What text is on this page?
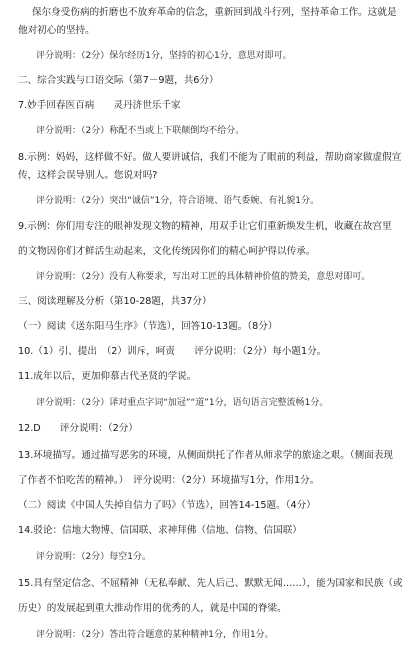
保尔身受伤病的折磨也不放弃革命的信念，重新回到战斗行列，坚持革命工作。这就是
他对初心的坚持。
评分说明：（2分）保尔经历1分，坚持的初心1分，意思对即可。
二、综合实践与口语交际（第7－9题，共6分）
7.妙手回春医百病　　灵丹济世乐千家
评分说明：（2分）称配不当或上下联颠倒均不给分。
8.示例：妈妈，这样做不好。做人要讲诚信，我们不能为了眼前的利益，帮助商家做虚假宣
传，这样会误导别人。您说对吗?
评分说明：（2分）突出“诚信”1分，符合语境、语气委婉、有礼貌1分。
9.示例：你们用专注的眼神发现文物的精神，用双手让它们重新焕发生机，收藏在故宫里
的文物因你们才鲜活生动起来，文化传统因你们的精心呵护得以传承。
评分说明：（2分）没有人称要求，写出对工匠的具体精神价值的赞美，意思对即可。
三、阅读理解及分析（第10-28题，共37分）
（一）阅读《送东阳马生序》（节选），回答10-13题。（8分）
10.（1）引、提出　（2）训斥，呵责　　评分说明：（2分）每小题1分。
11.成年以后，更加仰慕古代圣贤的学说。
评分说明：（2分）译对重点字词“加冠”“道”1分，语句语言完整流畅1分。
12.D　　评分说明：（2分）
13.环境描写。通过描写恶劣的环境，从侧面烘托了作者从师求学的旅途之艰。（侧面表现
了作者不怕吃苦的精神。）　评分说明：（2分）环境描写1分，作用1分。
（二）阅读《中国人失掉自信力了吗》（节选），回答14-15题。（4分）
14.驳论：信地大物博、信国联、求神拜佛（信地、信物、信国联）
评分说明：（2分）每空1分。
15.具有坚定信念、不屈精神（无私奉献、先人后己、默默无闻……），能为国家和民族（或
历史）的发展起到重大推动作用的优秀的人，就是中国的脊梁。
评分说明：（2分）答出符合题意的某种精神1分，作用1分。
